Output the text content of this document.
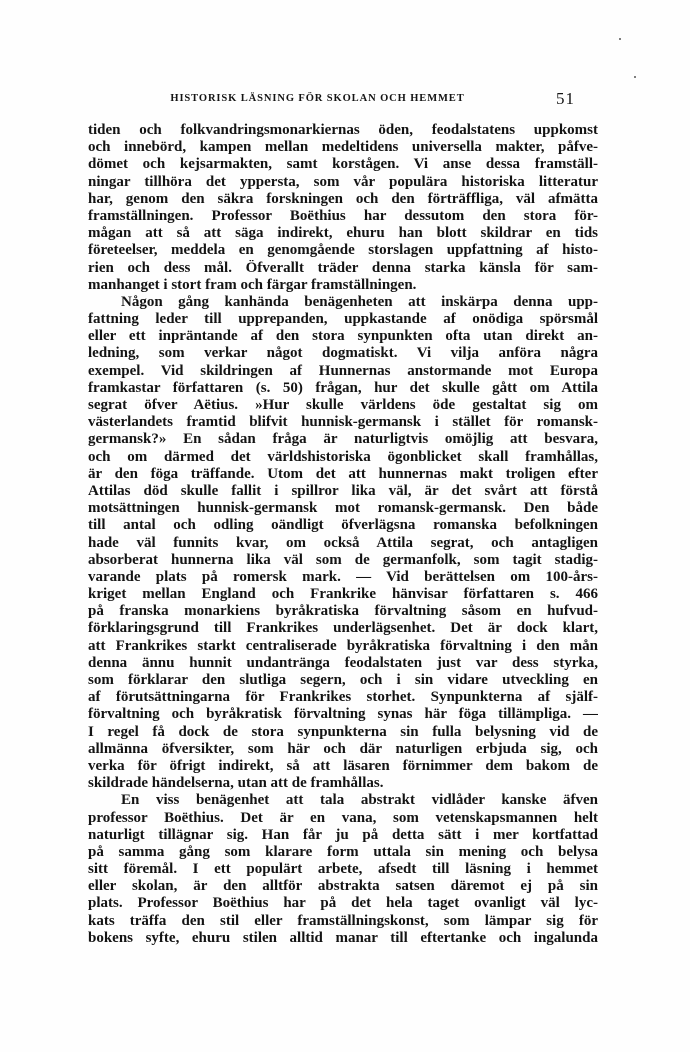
HISTORISK LÄSNING FÖR SKOLAN OCH HEMMET	51
tiden och folkvandringsmonarkiernas öden, feodalstatens uppkomst
och innebörd, kampen mellan medeltidens universella makter, påfve-
dömet och kejsarmakten, samt korstågen. Vi anse dessa framställ-
ningar tillhöra det yppersta, som vår populära historiska litteratur
har, genom den säkra forskningen och den förträffliga, väl afmätta
framställningen. Professor Boëthius har dessutom den stora för-
mågan att så att säga indirekt, ehuru han blott skildrar en tids
företeelser, meddela en genomgående storslagen uppfattning af histo-
rien och dess mål. Öfverallt träder denna starka känsla för sam-
manhanget i stort fram och färgar framställningen.
Någon gång kanhända benägenheten att inskärpa denna upp-
fattning leder till upprepanden, uppkastande af onödiga spörsmål
eller ett inpräntande af den stora synpunkten ofta utan direkt an-
ledning, som verkar något dogmatiskt. Vi vilja anföra några
exempel. Vid skildringen af Hunnernas anstormande mot Europa
framkastar författaren (s. 50) frågan, hur det skulle gått om Attila
segrat öfver Aëtius. »Hur skulle världens öde gestaltat sig om
västerlandets framtid blifvit hunnisk-germansk i stället för romansk-
germansk?» En sådan fråga är naturligtvis omöjlig att besvara,
och om därmed det världshistoriska ögonblicket skall framhållas,
är den föga träffande. Utom det att hunnernas makt troligen efter
Attilas död skulle fallit i spillror lika väl, är det svårt att förstå
motsättningen hunnisk-germansk mot romansk-germansk. Den både
till antal och odling oändligt öfverlägsna romanska befolkningen
hade väl funnits kvar, om också Attila segrat, och antagligen
absorberat hunnerna lika väl som de germanfolk, som tagit stadig-
varande plats på romersk mark. — Vid berättelsen om 100-års-
kriget mellan England och Frankrike hänvisar författaren s. 466
på franska monarkiens byråkratiska förvaltning såsom en hufvud-
förklaringsgrund till Frankrikes underlägsenhet. Det är dock klart,
att Frankrikes starkt centraliserade byråkratiska förvaltning i den mån
denna ännu hunnit undantränga feodalstaten just var dess styrka,
som förklarar den slutliga segern, och i sin vidare utveckling en
af förutsättningarna för Frankrikes storhet. Synpunkterna af själf-
förvaltning och byråkratisk förvaltning synas här föga tillämpliga. —
I regel få dock de stora synpunkterna sin fulla belysning vid de
allmänna öfversikter, som här och där naturligen erbjuda sig, och
verka för öfrigt indirekt, så att läsaren förnimmer dem bakom de
skildrade händelserna, utan att de framhållas.
En viss benägenhet att tala abstrakt vidlåder kanske äfven
professor Boëthius. Det är en vana, som vetenskapsmannen helt
naturligt tillägnar sig. Han får ju på detta sätt i mer kortfattad
på samma gång som klarare form uttala sin mening och belysa
sitt föremål. I ett populärt arbete, afsedt till läsning i hemmet
eller skolan, är den alltför abstrakta satsen däremot ej på sin
plats. Professor Boëthius har på det hela taget ovanligt väl lyc-
kats träffa den stil eller framställningskonst, som lämpar sig för
bokens syfte, ehuru stilen alltid manar till eftertanke och ingalunda
